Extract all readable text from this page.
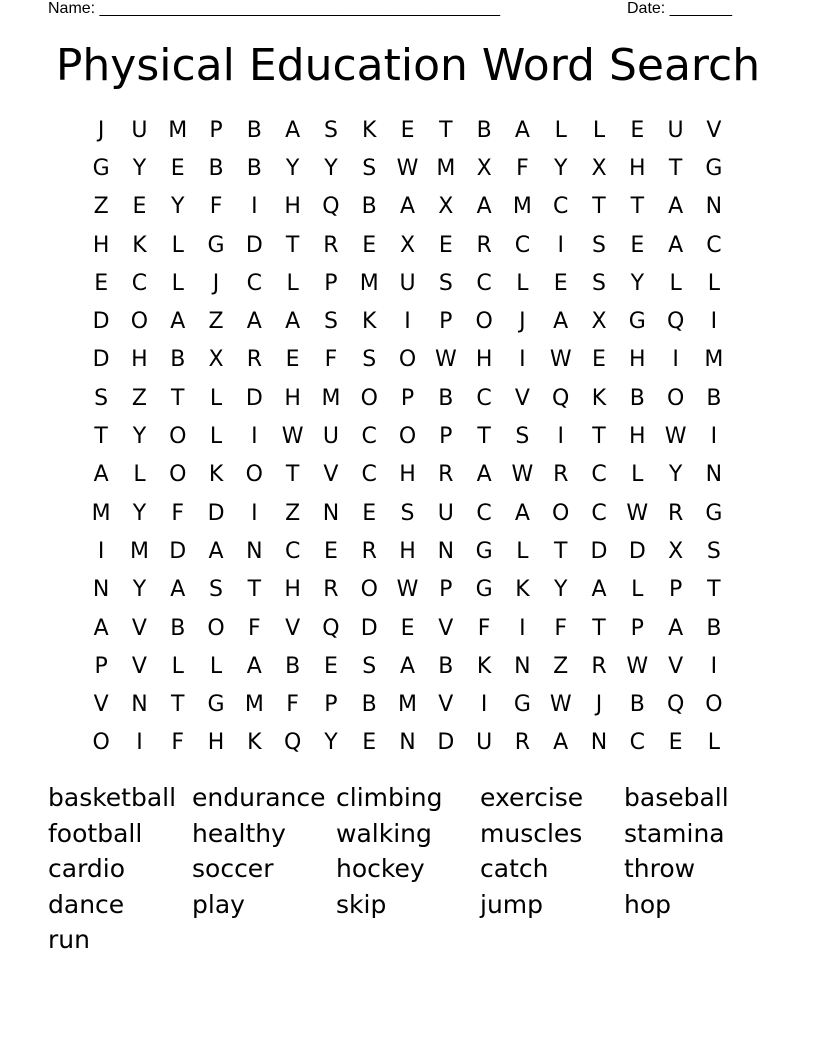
Name: _____________________________________________	Date: _______
Physical Education Word Search
J	U M	P	B	A	S	K	E	T	B	A	L	L	E	U	V
G	Y	E	B	B	Y	Y	S W M X	F	Y	X	H	T	G
Z	E	Y	F	I	H Q	B	A	X	A M C	T	T	A	N
H	K	L	G D	T	R	E	X	E	R	C	I	S	E	A	C
E	C	L	J	C	L	P	M U	S	C	L	E	S	Y	L	L
D O	A	Z	A	A	S	K	I	P	O	J	A	X	G Q	I
D H	B	X	R	E	F	S	O W H	I	W E	H	I	M
S	Z	T	L	D H M O	P	B	C	V	Q	K	B	O	B
T	Y	O	L	I	W U	C O	P	T	S	I	T	H W	I
A	L	O	K	O	T	V	C	H	R	A W R	C	L	Y	N
M	Y	F	D	I	Z	N	E	S	U	C	A	O C W R	G
I	M D	A	N	C	E	R	H N G	L	T	D D	X	S
N	Y	A	S	T	H	R O W P	G	K	Y	A	L	P	T
A	V	B	O	F	V	Q D	E	V	F	I	F	T	P	A	B
P	V	L	L	A	B	E	S	A	B	K	N	Z	R W V	I
V	N	T	G M	F	P	B M V	I	G W	J	B	Q O
O	I	F	H	K	Q	Y	E	N D U	R	A	N	C	E	L
basketball endurance climbing	exercise	baseball
football	healthy	walking	muscles	stamina
cardio	soccer	hockey	catch	throw
dance	play	skip	jump	hop
run
